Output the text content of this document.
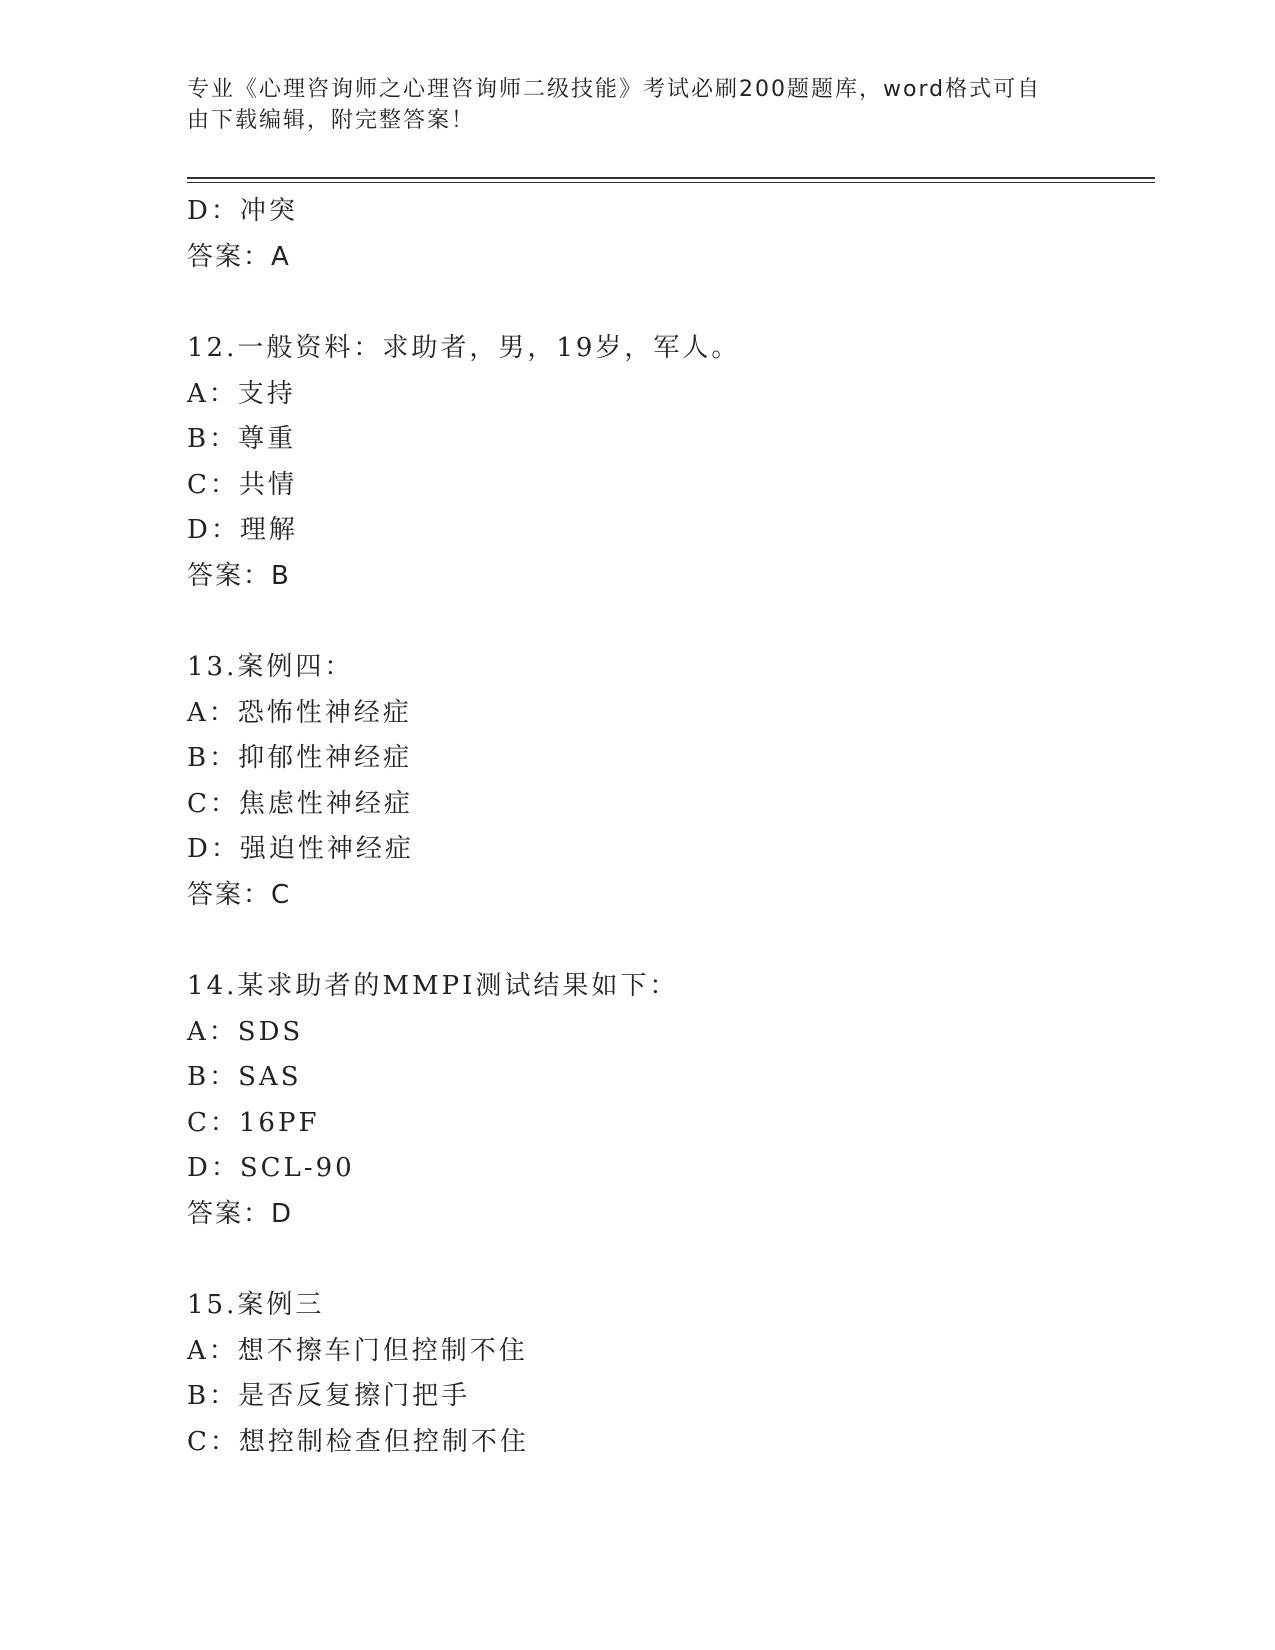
专业《心理咨询师之心理咨询师二级技能》考试必刷200题题库，word格式可自
由下载编辑，附完整答案！
D：冲突
答案：A
12.一般资料：求助者，男，19岁，军人。
A：支持
B：尊重
C：共情
D：理解
答案：B
13.案例四：
A：恐怖性神经症
B：抑郁性神经症
C：焦虑性神经症
D：强迫性神经症
答案：C
14.某求助者的MMPI测试结果如下：
A：SDS
B：SAS
C：16PF
D：SCL-90
答案：D
15.案例三
A：想不擦车门但控制不住
B：是否反复擦门把手
C：想控制检查但控制不住
